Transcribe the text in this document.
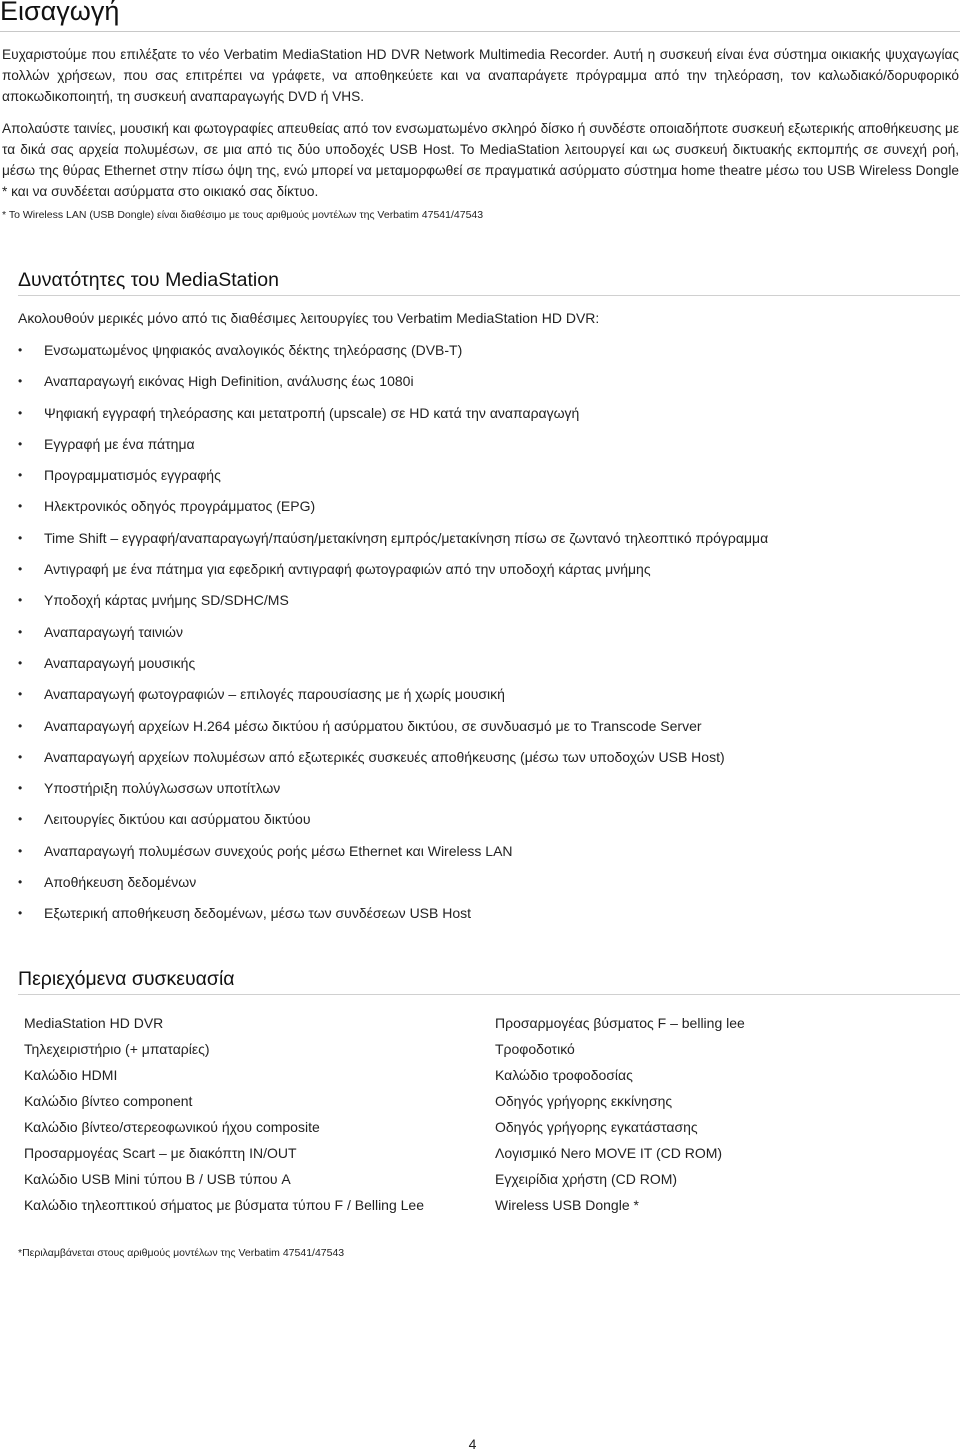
Εισαγωγή

Ευχαριστούμε που επιλέξατε το νέο Verbatim MediaStation HD DVR Network Multimedia Recorder. Αυτή η συσκευή είναι ένα σύστημα οικιακής ψυχαγωγίας πολλών χρήσεων, που σας επιτρέπει να γράφετε, να αποθηκεύετε και να αναπαράγετε πρόγραμμα από την τηλεόραση, τον καλωδιακό/δορυφορικό αποκωδικοποιητή, τη συσκευή αναπαραγωγής DVD ή VHS.

Απολαύστε ταινίες, μουσική και φωτογραφίες απευθείας από τον ενσωματωμένο σκληρό δίσκο ή συνδέστε οποιαδήποτε συσκευή εξωτερικής αποθήκευσης με τα δικά σας αρχεία πολυμέσων, σε μια από τις δύο υποδοχές USB Host. Το MediaStation λειτουργεί και ως συσκευή δικτυακής εκπομπής σε συνεχή ροή, μέσω της θύρας Ethernet στην πίσω όψη της, ενώ μπορεί να μεταμορφωθεί σε πραγματικά ασύρματο σύστημα home theatre μέσω του USB Wireless Dongle * και να συνδέεται ασύρματα στο οικιακό σας δίκτυο.

* Το Wireless LAN (USB Dongle) είναι διαθέσιμο με τους αριθμούς μοντέλων της Verbatim 47541/47543

Δυνατότητες του MediaStation

Ακολουθούν μερικές μόνο από τις διαθέσιμες λειτουργίες του Verbatim MediaStation HD DVR:

• Ενσωματωμένος ψηφιακός αναλογικός δέκτης τηλεόρασης (DVB-T)
• Αναπαραγωγή εικόνας High Definition, ανάλυσης έως 1080i
• Ψηφιακή εγγραφή τηλεόρασης και μετατροπή (upscale) σε HD κατά την αναπαραγωγή
• Εγγραφή με ένα πάτημα
• Προγραμματισμός εγγραφής
• Ηλεκτρονικός οδηγός προγράμματος (EPG)
• Time Shift – εγγραφή/αναπαραγωγή/παύση/μετακίνηση εμπρός/μετακίνηση πίσω σε ζωντανό τηλεοπτικό πρόγραμμα
• Αντιγραφή με ένα πάτημα για εφεδρική αντιγραφή φωτογραφιών από την υποδοχή κάρτας μνήμης
• Υποδοχή κάρτας μνήμης SD/SDHC/MS
• Αναπαραγωγή ταινιών
• Αναπαραγωγή μουσικής
• Αναπαραγωγή φωτογραφιών – επιλογές παρουσίασης με ή χωρίς μουσική
• Αναπαραγωγή αρχείων H.264 μέσω δικτύου ή ασύρματου δικτύου, σε συνδυασμό με το Transcode Server
• Αναπαραγωγή αρχείων πολυμέσων από εξωτερικές συσκευές αποθήκευσης (μέσω των υποδοχών USB Host)
• Υποστήριξη πολύγλωσσων υποτίτλων
• Λειτουργίες δικτύου και ασύρματου δικτύου
• Αναπαραγωγή πολυμέσων συνεχούς ροής μέσω Ethernet και Wireless LAN
• Αποθήκευση δεδομένων
• Εξωτερική αποθήκευση δεδομένων, μέσω των συνδέσεων USB Host
Περιεχόμενα συσκευασία
MediaStation HD DVR
Τηλεχειριστήριο (+ μπαταρίες)
Καλώδιο HDMI
Καλώδιο βίντεο component
Καλώδιο βίντεο/στερεοφωνικού ήχου composite
Προσαρμογέας Scart – με διακόπτη IN/OUT
Καλώδιο USB Mini τύπου B / USB τύπου A
Καλώδιο τηλεοπτικού σήματος με βύσματα τύπου F / Belling Lee
Προσαρμογέας βύσματος F – belling lee
Τροφοδοτικό
Καλώδιο τροφοδοσίας
Οδηγός γρήγορης εκκίνησης
Οδηγός γρήγορης εγκατάστασης
Λογισμικό Nero MOVE IT (CD ROM)
Εγχειρίδια χρήστη (CD ROM)
Wireless USB Dongle *

*Περιλαμβάνεται στους αριθμούς μοντέλων της Verbatim 47541/47543

4
